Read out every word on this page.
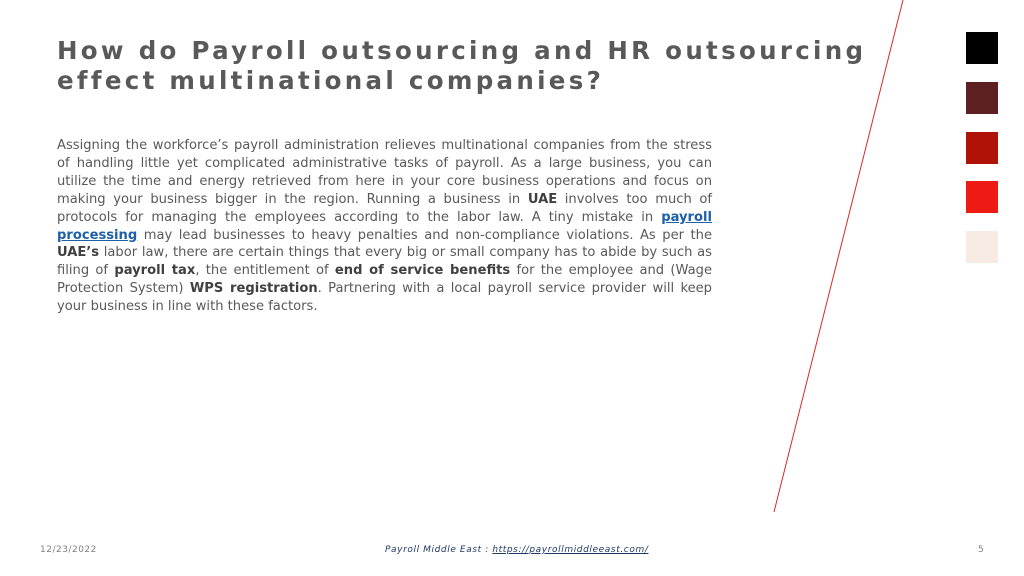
How do Payroll outsourcing and HR outsourcing
effect multinational companies?

Assigning the workforce’s payroll administration relieves multinational companies from the stress of handling little yet complicated administrative tasks of payroll. As a large business, you can utilize the time and energy retrieved from here in your core business operations and focus on making your business bigger in the region. Running a business in UAE involves too much of protocols for managing the employees according to the labor law. A tiny mistake in payroll processing may lead businesses to heavy penalties and non-compliance violations. As per the UAE’s labor law, there are certain things that every big or small company has to abide by such as filing of payroll tax, the entitlement of end of service benefits for the employee and (Wage Protection System) WPS registration. Partnering with a local payroll service provider will keep your business in line with these factors.

12/23/2022	Payroll Middle East : https://payrollmiddleeast.com/	5
